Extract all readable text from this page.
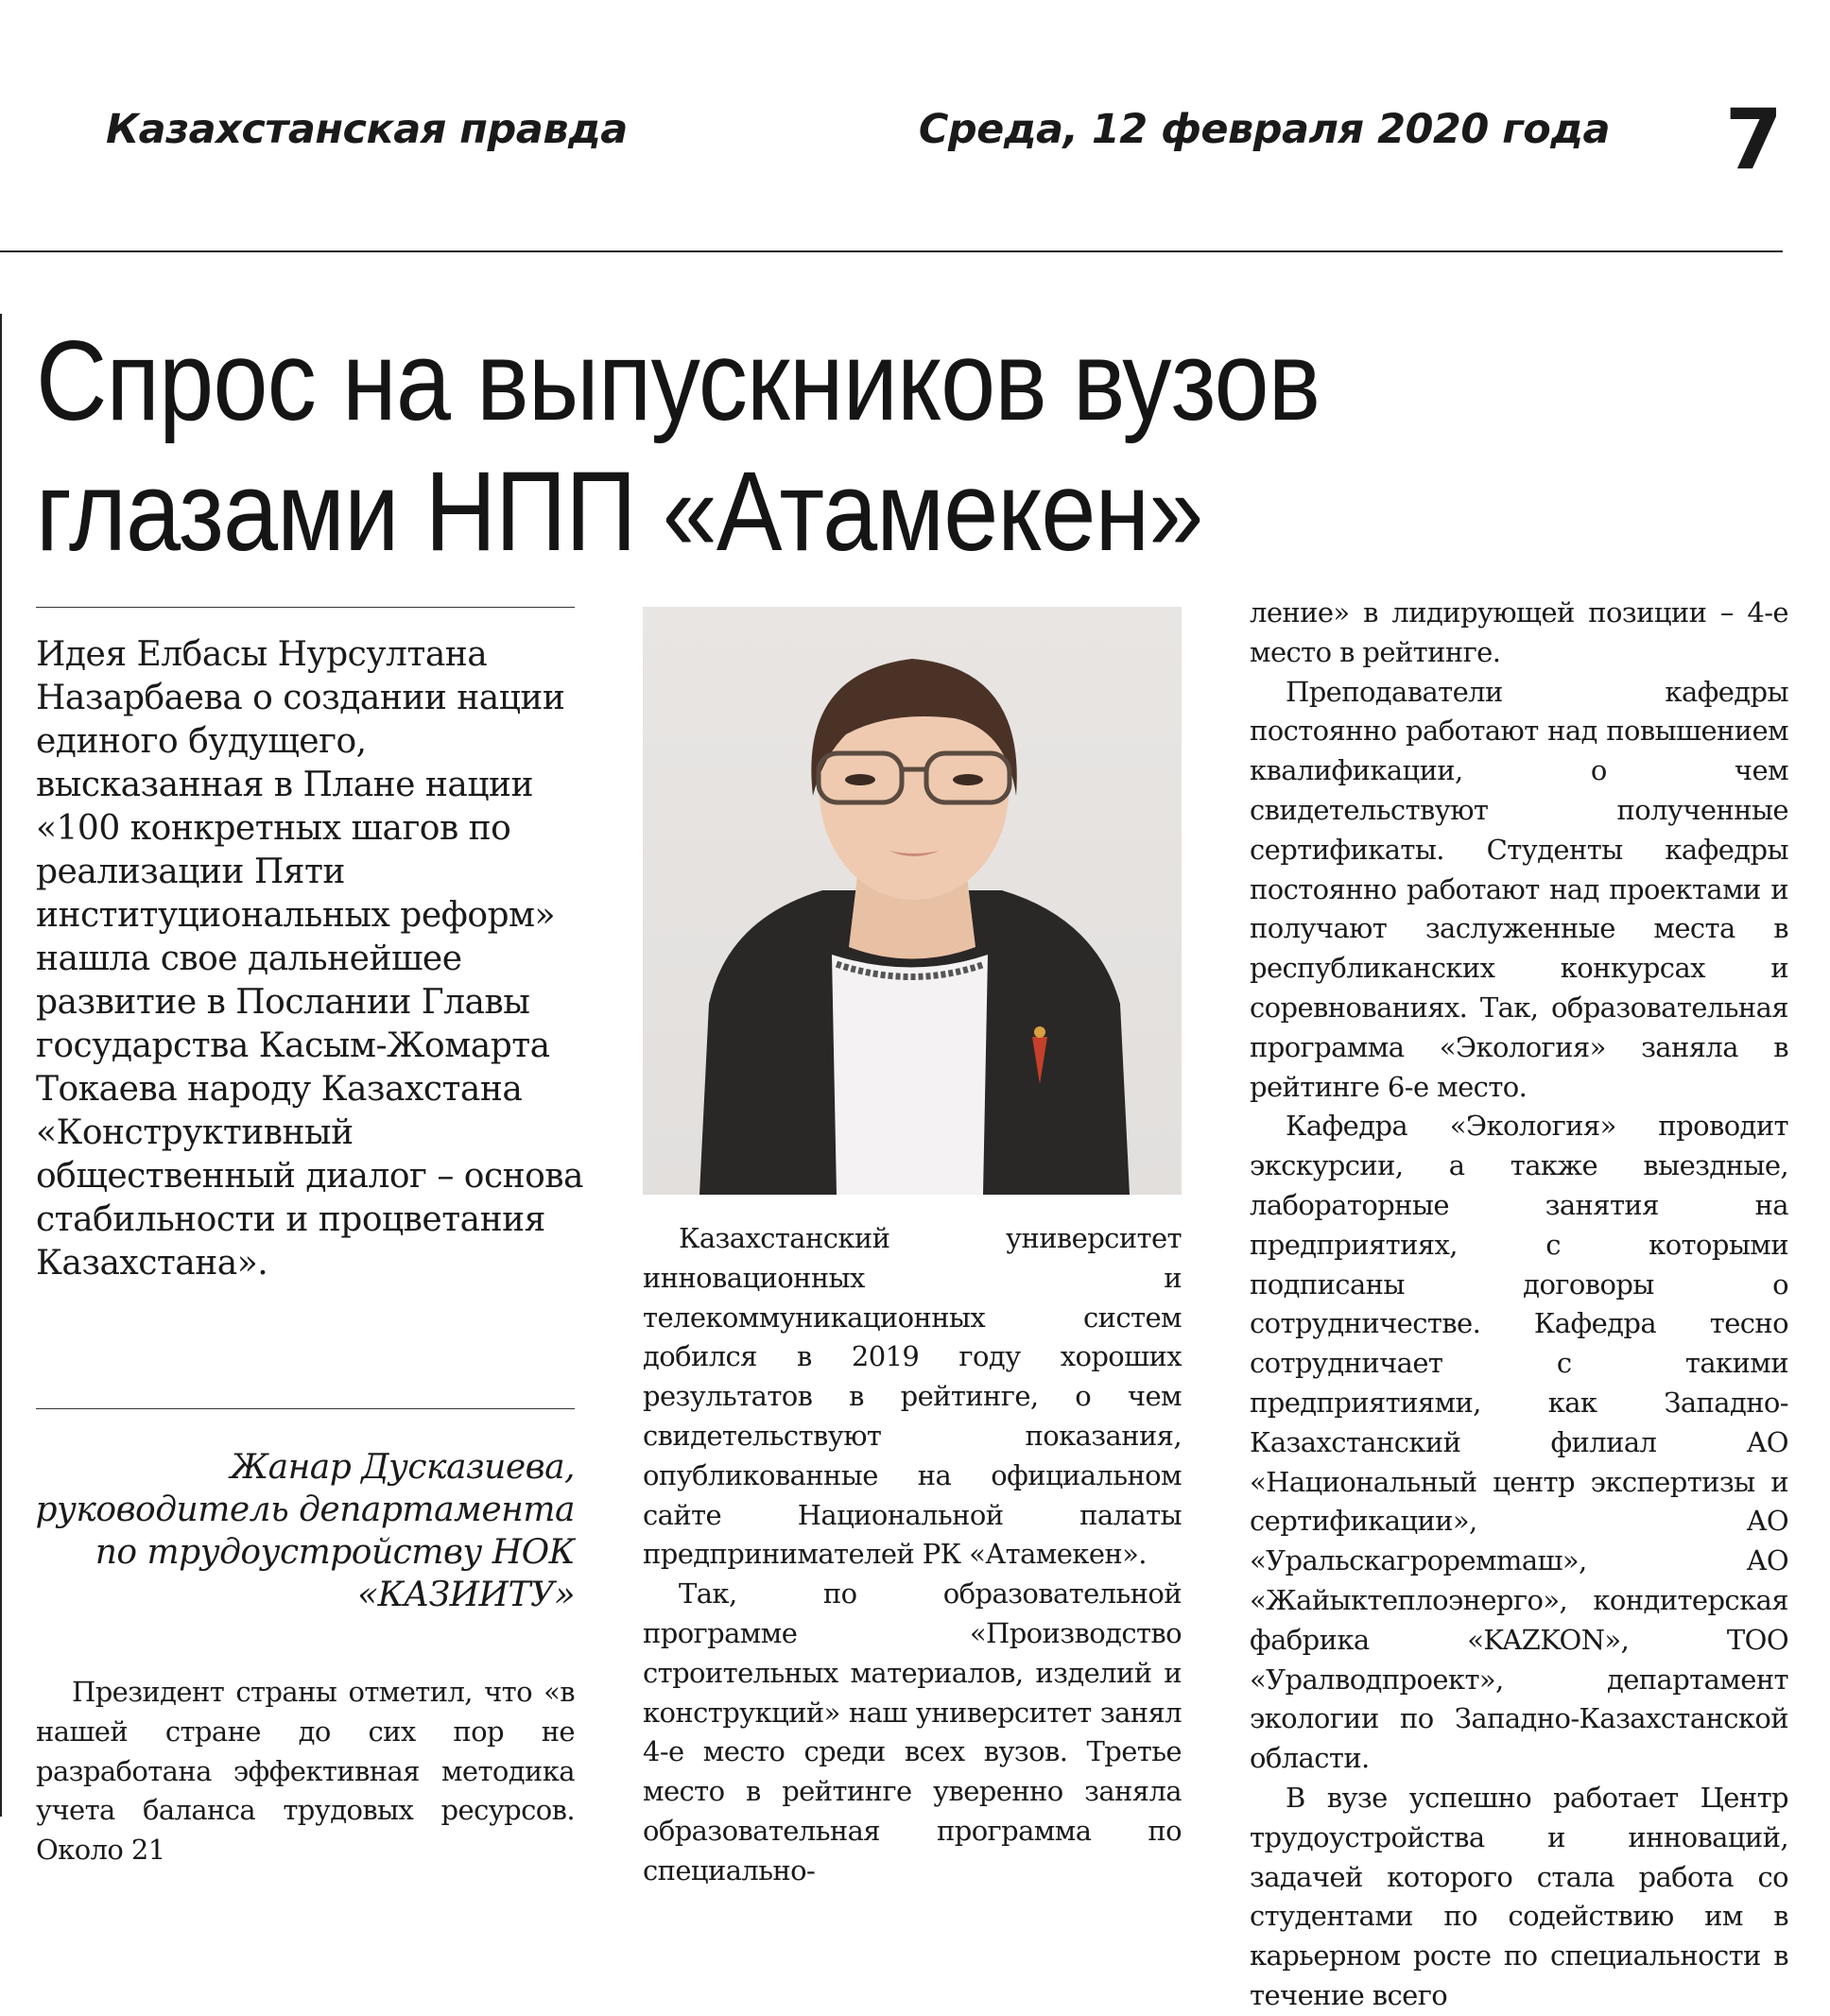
Казахстанская правда	Среда, 12 февраля 2020 года 7
Спрос на выпускников вузов
глазами НПП «Атамекен»

Идея Елбасы Нурсултана Назарбаева о создании нации единого будущего, высказанная в Плане нации «100 конкретных шагов по реализации Пяти институциональных реформ» нашла свое дальнейшее развитие в Послании Главы государства Касым-Жомарта Токаева народу Казахстана «Конструктивный общественный диалог – основа стабильности и процветания Казахстана».

Жанар Дусказиева,
руководитель департамента по трудоустройству НОК «КАЗИИТУ»

Казахстанский университет инновационных и телекоммуникационных систем добился в 2019 году хороших результатов в рейтинге, о чем свидетельствуют показания, опубликованные на официальном сайте Национальной палаты предпринимателей РК «Атамекен».

Так, по образовательной программе «Производство строительных материалов, изделий и конструкций» наш университет занял 4-е место среди всех вузов. Третье место в рейтинге уверенно заняла образовательная программа по специально-

ление» в лидирующей позиции – 4-е место в рейтинге.

Преподаватели кафедры постоянно работают над повышением квалификации, о чем свидетельствуют полученные сертификаты. Студенты кафедры постоянно работают над проектами и получают заслуженные места в республиканских конкурсах и соревнованиях. Так, образовательная программа «Экология» заняла в рейтинге 6-е место.

Кафедра «Экология» проводит экскурсии, а также выездные, лабораторные занятия на предприятиях, с которыми подписаны договоры о сотрудничестве. Кафедра тесно сотрудничает с такими предприятиями, как Западно-Казахстанский филиал АО «Национальный центр экспертизы и сертификации», АО «Уральскагроремmаш», АО «Жайыктеплоэнерго», кондитерская фабрика «KAZKON», ТОО «Уралводпроект», департамент экологии по Западно-Казахстанской области.

В вузе успешно работает Центр трудоустройства и инноваций, задачей которого стала работа со студентами по содействию им в карьерном росте по специальности в течение всего

Президент страны отметил, что «в нашей стране до сих пор не разработана эффективная методика учета баланса трудовых ресурсов. Около 21
